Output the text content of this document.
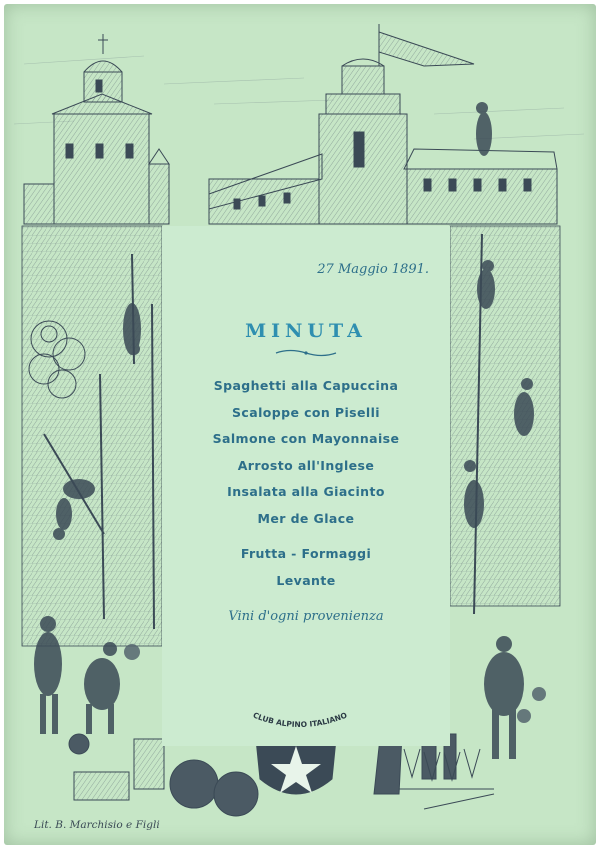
27 Maggio 1891.
MINUTA
Spaghetti alla Capuccina
Scaloppe con Piselli
Salmone con Mayonnaise
Arrosto all'Inglese
Insalata alla Giacinto
Mer de Glace
Frutta - Formaggi
Levante
Vini d'ogni provenienza
CLUB ALPINO ITALIANO
Lit. B. Marchisio e Figli
